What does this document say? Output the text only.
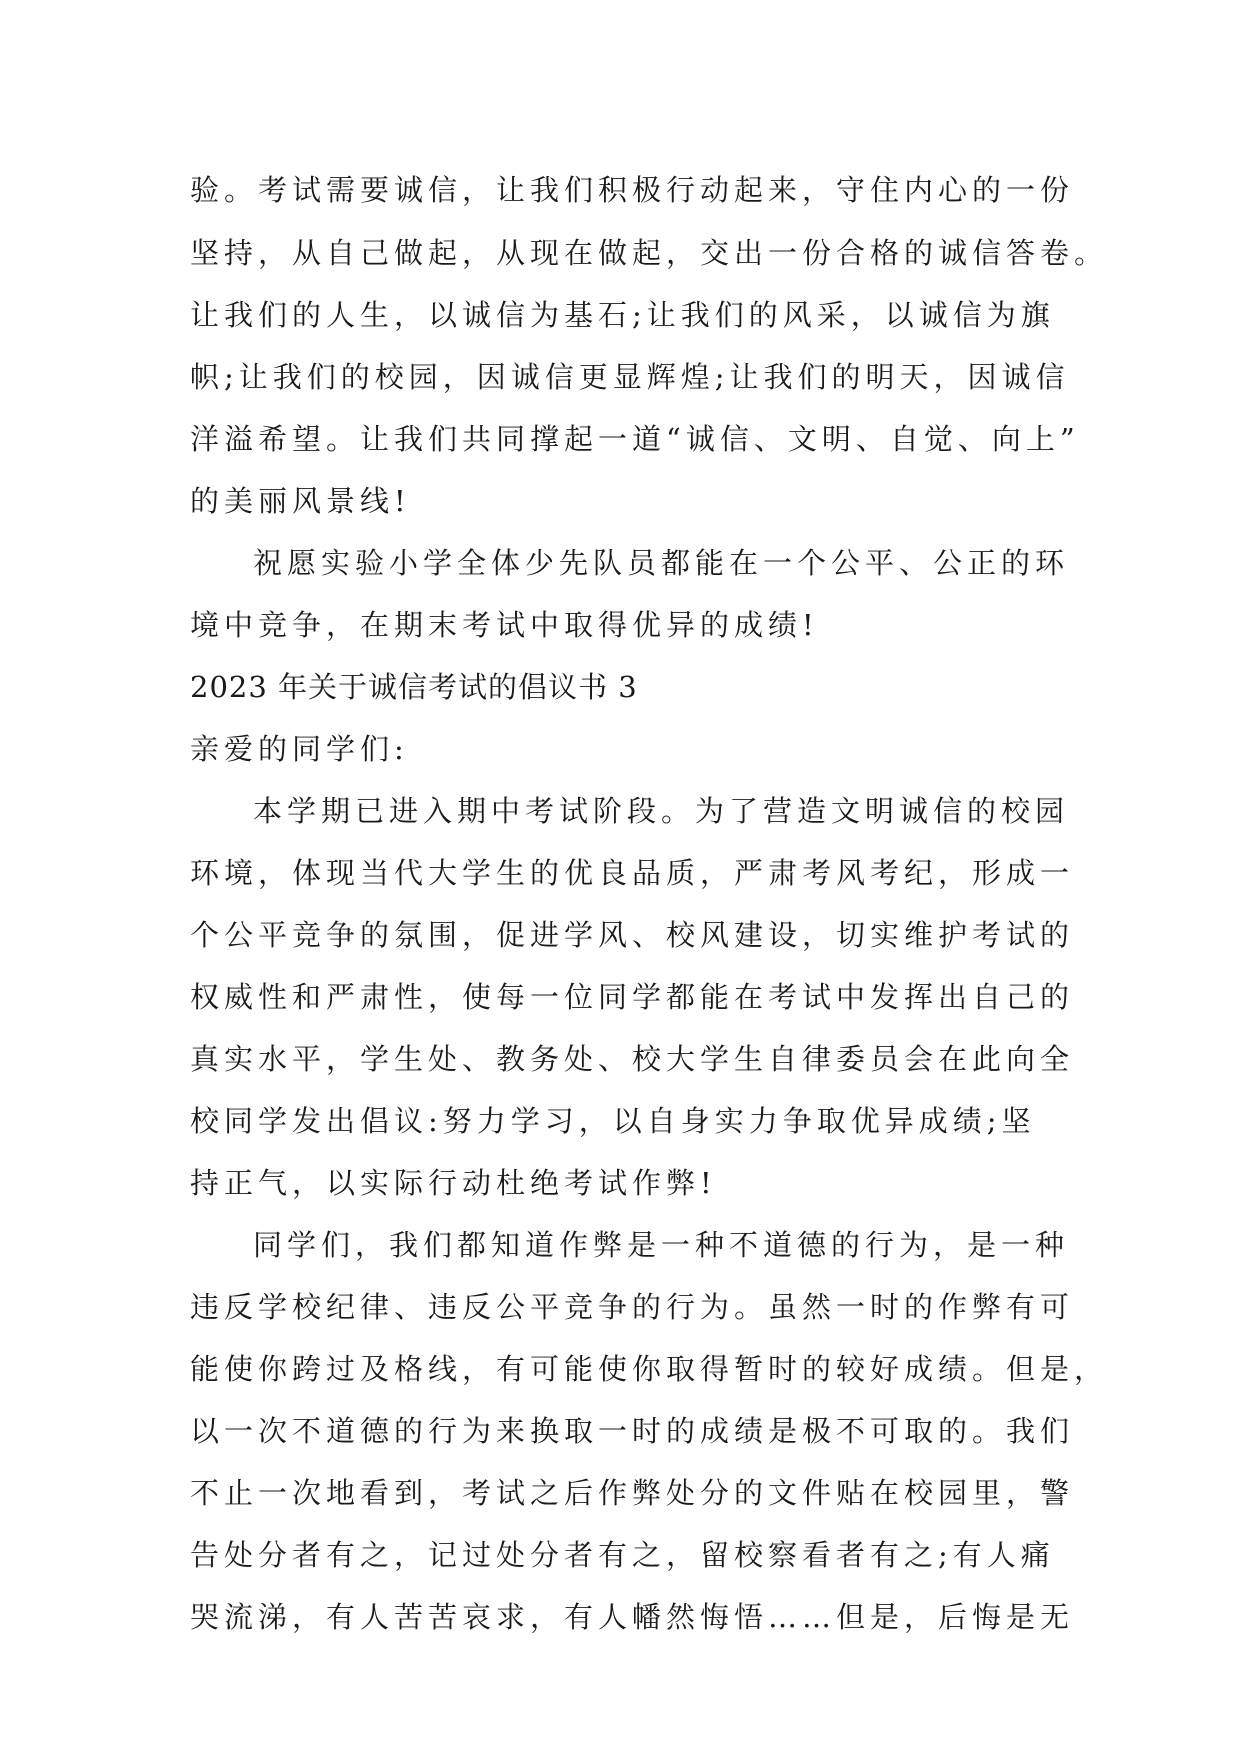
验。考试需要诚信，让我们积极行动起来，守住内心的一份
坚持，从自己做起，从现在做起，交出一份合格的诚信答卷。
让我们的人生，以诚信为基石;让我们的风采，以诚信为旗
帜;让我们的校园，因诚信更显辉煌;让我们的明天，因诚信
洋溢希望。让我们共同撑起一道“诚信、文明、自觉、向上”
的美丽风景线!
祝愿实验小学全体少先队员都能在一个公平、公正的环
境中竞争，在期末考试中取得优异的成绩!
2023 年关于诚信考试的倡议书 3
亲爱的同学们:
本学期已进入期中考试阶段。为了营造文明诚信的校园
环境，体现当代大学生的优良品质，严肃考风考纪，形成一
个公平竞争的氛围，促进学风、校风建设，切实维护考试的
权威性和严肃性，使每一位同学都能在考试中发挥出自己的
真实水平，学生处、教务处、校大学生自律委员会在此向全
校同学发出倡议:努力学习，以自身实力争取优异成绩;坚
持正气，以实际行动杜绝考试作弊!
同学们，我们都知道作弊是一种不道德的行为，是一种
违反学校纪律、违反公平竞争的行为。虽然一时的作弊有可
能使你跨过及格线，有可能使你取得暂时的较好成绩。但是，
以一次不道德的行为来换取一时的成绩是极不可取的。我们
不止一次地看到，考试之后作弊处分的文件贴在校园里，警
告处分者有之，记过处分者有之，留校察看者有之;有人痛
哭流涕，有人苦苦哀求，有人幡然悔悟……但是，后悔是无
